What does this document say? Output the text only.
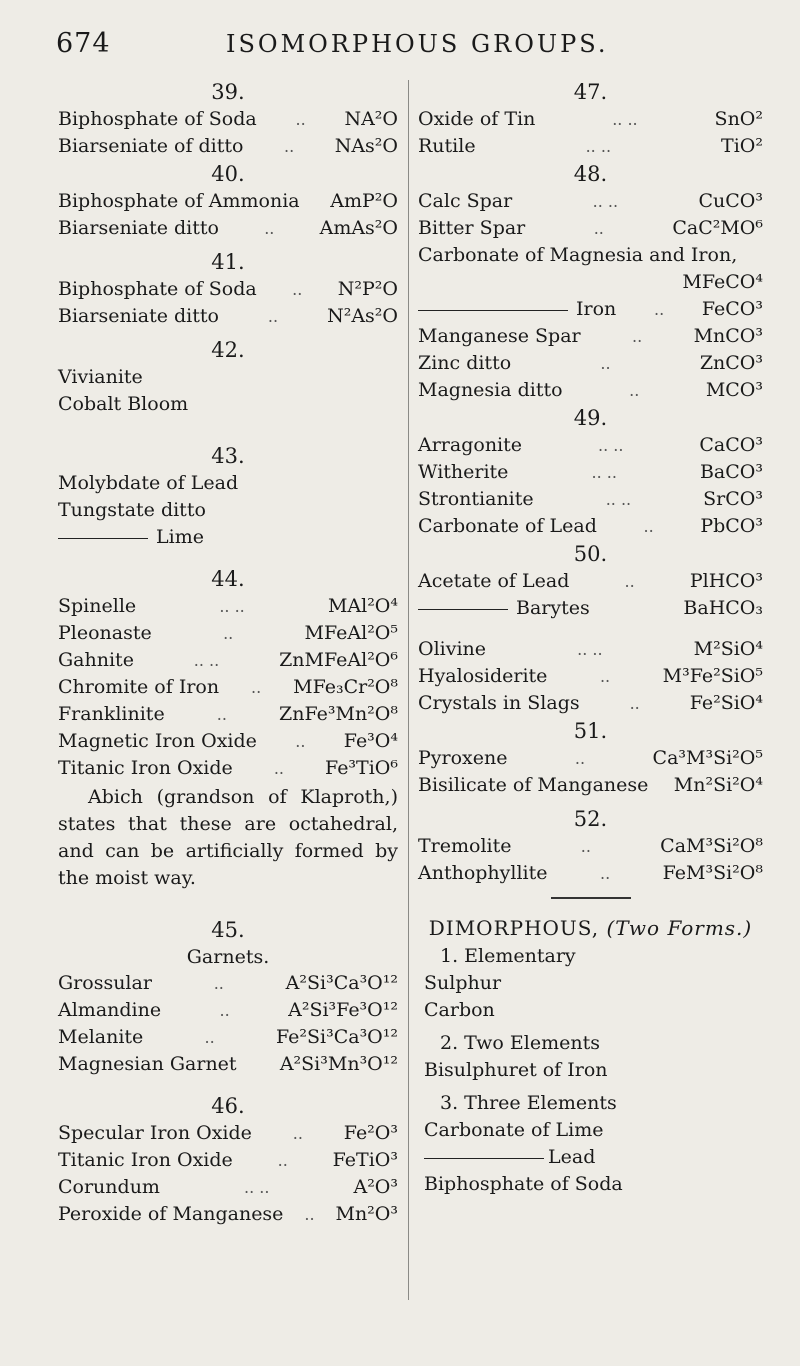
674	ISOMORPHOUS GROUPS.
39.
Biphosphate of Soda	..	NA²O
Biarseniate of ditto	..	NAs²O
40.
Biphosphate of Ammonia AmP²O
Biarseniate ditto	..	AmAs²O
41.
Biphosphate of Soda	..	N²P²O
Biarseniate ditto	..	N²As²O
42.
Vivianite
Cobalt Bloom
43.
Molybdate of Lead
Tungstate ditto
Lime
44.
Spinelle	.. ..	MAl²O⁴
Pleonaste	..	MFeAl²O⁵
Gahnite	.. ..	ZnMFeAl²O⁶
Chromite of Iron	..	MFe₃Cr²O⁸
Franklinite	..	ZnFe³Mn²O⁸
Magnetic Iron Oxide	..	Fe³O⁴
Titanic Iron Oxide	..	Fe³TiO⁶
Abich (grandson of Klaproth,) states that these are octahedral, and can be artificially formed by the moist way.
45.
Garnets.
Grossular	..	A²Si³Ca³O¹²
Almandine	..	A²Si³Fe³O¹²
Melanite	..	Fe²Si³Ca³O¹²
Magnesian Garnet A²Si³Mn³O¹²
46.
Specular Iron Oxide	..	Fe²O³
Titanic Iron Oxide	..	FeTiO³
Corundum	.. ..	A²O³
Peroxide of Manganese	..	Mn²O³
47.
Oxide of Tin	.. ..	SnO²
Rutile	.. ..	TiO²
48.
Calc Spar	.. ..	CuCO³
Bitter Spar	..	CaC²MO⁶
Carbonate of Magnesia and Iron,
MFeCO⁴
Iron	..	FeCO³
Manganese Spar	..	MnCO³
Zinc ditto	..	ZnCO³
Magnesia ditto	..	MCO³
49.
Arragonite	.. ..	CaCO³
Witherite	.. ..	BaCO³
Strontianite	.. ..	SrCO³
Carbonate of Lead	..	PbCO³
50.
Acetate of Lead	..	PlHCO³
Barytes	BaHCO₃
Olivine	.. ..	M²SiO⁴
Hyalosiderite	..	M³Fe²SiO⁵
Crystals in Slags	..	Fe²SiO⁴
51.
Pyroxene	..	Ca³M³Si²O⁵
Bisilicate of Manganese Mn²Si²O⁴
52.
Tremolite	..	CaM³Si²O⁸
Anthophyllite	..	FeM³Si²O⁸
DIMORPHOUS, (Two Forms.)
1. Elementary
Sulphur
Carbon
2. Two Elements
Bisulphuret of Iron
3. Three Elements
Carbonate of Lime
Lead
Biphosphate of Soda
